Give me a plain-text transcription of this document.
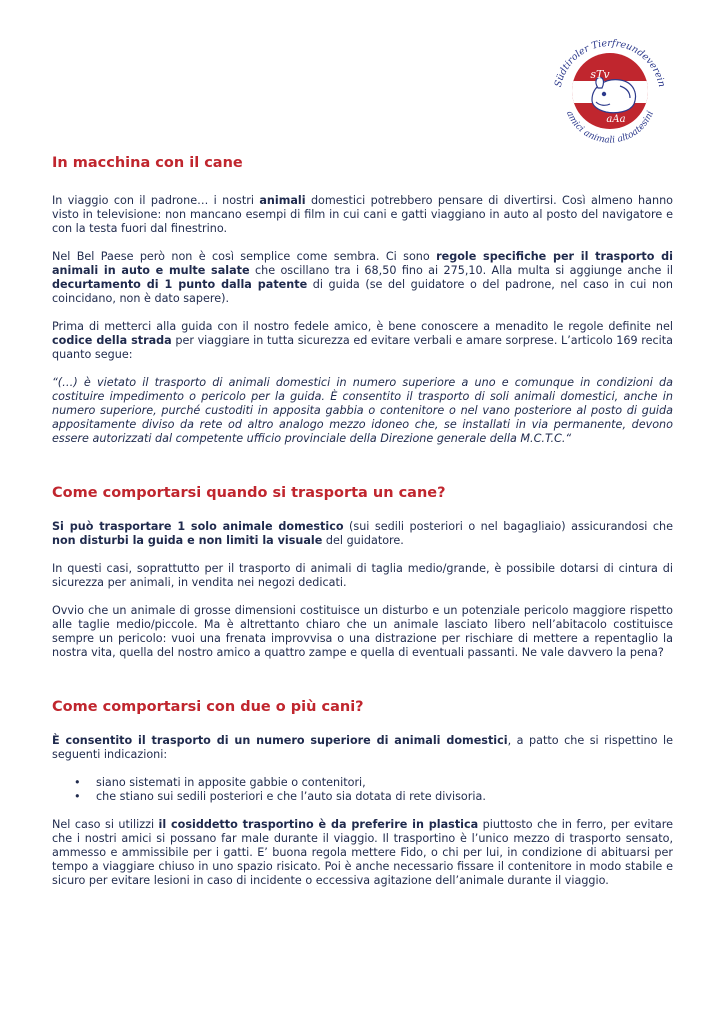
sTv
aAa
Südtiroler Tierfreundeverein
amici animali altoatesini
In macchina con il cane

In viaggio con il padrone… i nostri animali domestici potrebbero pensare di divertirsi. Così almeno hanno visto in televisione: non mancano esempi di film in cui cani e gatti viaggiano in auto al posto del navigatore e con la testa fuori dal finestrino.

Nel Bel Paese però non è così semplice come sembra. Ci sono regole specifiche per il trasporto di animali in auto e multe salate che oscillano tra i 68,50 fino ai 275,10. Alla multa si aggiunge anche il decurtamento di 1 punto dalla patente di guida (se del guidatore o del padrone, nel caso in cui non coincidano, non è dato sapere).

Prima di metterci alla guida con il nostro fedele amico, è bene conoscere a menadito le regole definite nel codice della strada per viaggiare in tutta sicurezza ed evitare verbali e amare sorprese. L’articolo 169 recita quanto segue:

“(…) è vietato il trasporto di animali domestici in numero superiore a uno e comunque in condizioni da costituire impedimento o pericolo per la guida. È consentito il trasporto di soli animali domestici, anche in numero superiore, purché custoditi in apposita gabbia o contenitore o nel vano posteriore al posto di guida appositamente diviso da rete od altro analogo mezzo idoneo che, se installati in via permanente, devono essere autorizzati dal competente ufficio provinciale della Direzione generale della M.C.T.C.“

Come comportarsi quando si trasporta un cane?

Si può trasportare 1 solo animale domestico (sui sedili posteriori o nel bagagliaio) assicurandosi che non disturbi la guida e non limiti la visuale del guidatore.

In questi casi, soprattutto per il trasporto di animali di taglia medio/grande, è possibile dotarsi di cintura di sicurezza per animali, in vendita nei negozi dedicati.

Ovvio che un animale di grosse dimensioni costituisce un disturbo e un potenziale pericolo maggiore rispetto alle taglie medio/piccole. Ma è altrettanto chiaro che un animale lasciato libero nell’abitacolo costituisce sempre un pericolo: vuoi una frenata improvvisa o una distrazione per rischiare di mettere a repentaglio la nostra vita, quella del nostro amico a quattro zampe e quella di eventuali passanti. Ne vale davvero la pena?

Come comportarsi con due o più cani?

È consentito il trasporto di un numero superiore di animali domestici, a patto che si rispettino le seguenti indicazioni:

• siano sistemati in apposite gabbie o contenitori,
• che stiano sui sedili posteriori e che l’auto sia dotata di rete divisoria.

Nel caso si utilizzi il cosiddetto trasportino è da preferire in plastica piuttosto che in ferro, per evitare che i nostri amici si possano far male durante il viaggio. Il trasportino è l’unico mezzo di trasporto sensato, ammesso e ammissibile per i gatti. E’ buona regola mettere Fido, o chi per lui, in condizione di abituarsi per tempo a viaggiare chiuso in uno spazio risicato. Poi è anche necessario fissare il contenitore in modo stabile e sicuro per evitare lesioni in caso di incidente o eccessiva agitazione dell’animale durante il viaggio.
